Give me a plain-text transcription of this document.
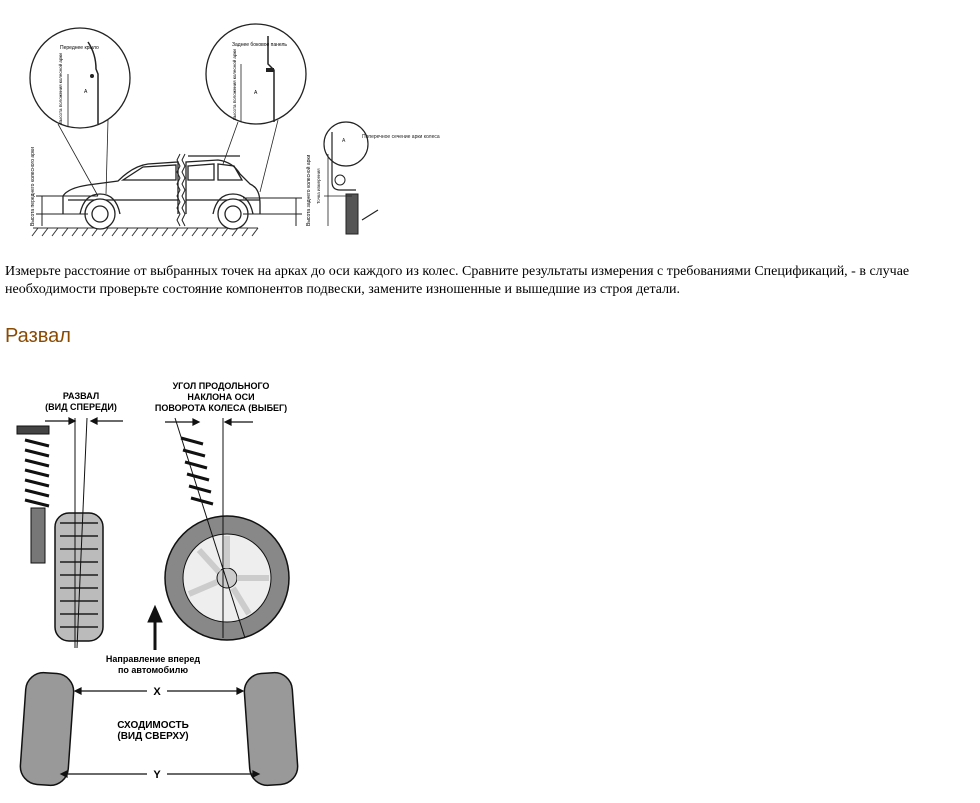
Высота переднего колесного арки	Высота заднего колесной арки
A
Переднее крыло
Высота положения колесной арки	A
Заднее боковое панель
Высота положения колесной арки
Поперечное сечение арки колеса
Точка измерения
A

Измерьте расстояние от выбранных точек на арках до оси каждого из колес. Сравните результаты измерения с требованиями Спецификаций, - в случае необходимости проверьте состояние компонентов подвески, замените изношенные и вышедшие из строя детали.

Развал
РАЗВАЛ
(ВИД СПЕРЕДИ)
УГОЛ ПРОДОЛЬНОГО
НАКЛОНА ОСИ
ПОВОРОТА КОЛЕСА (ВЫБЕГ)
Направление вперед
по автомобилю
СХОДИМОСТЬ
(ВИД СВЕРХУ)
X
Y
